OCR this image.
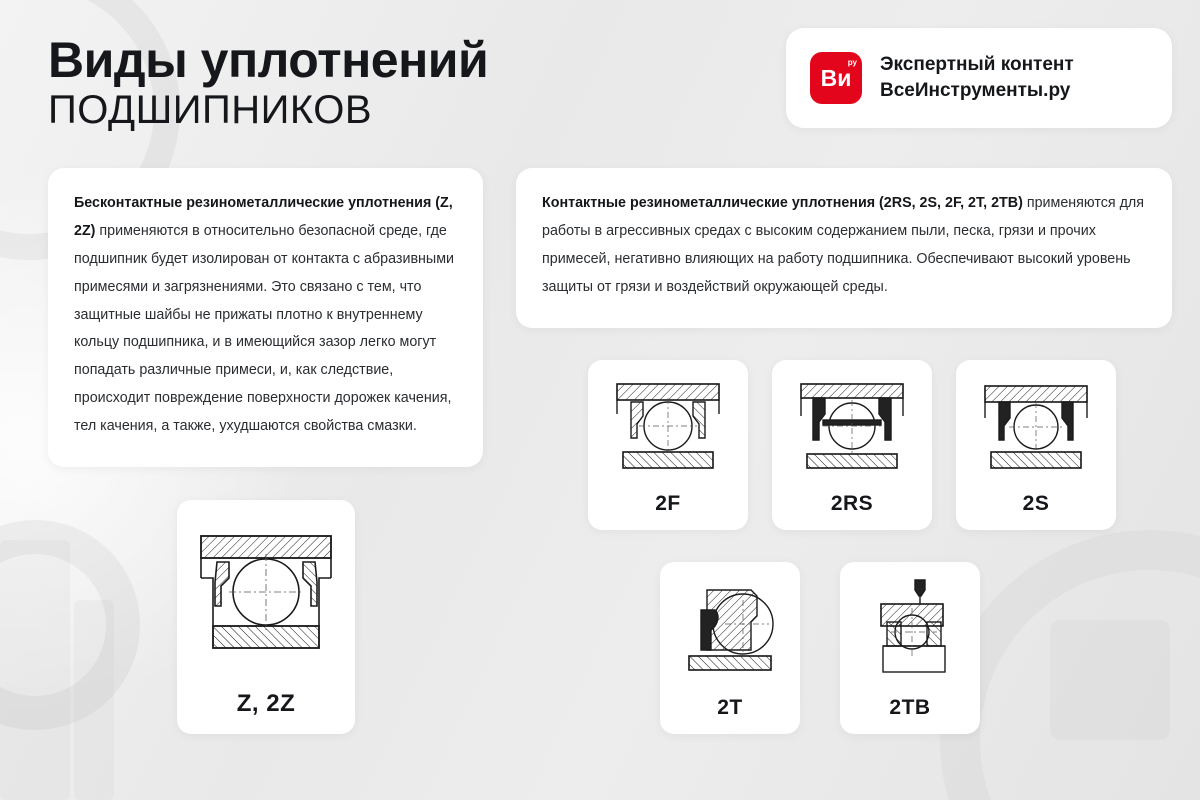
Виды уплотнений
ПОДШИПНИКОВ
Ви
ру Экспертный контент
ВсеИнструменты.ру
Бесконтактные резинометаллические уплотнения (Z, 2Z) применяются в относительно безопасной среде, где подшипник будет изолирован от контакта с абразивными примесями и загрязнениями. Это связано с тем, что защитные шайбы не прижаты плотно к внутреннему кольцу подшипника, и в имеющийся зазор легко могут попадать различные примеси, и, как следствие, происходит повреждение поверхности дорожек качения, тел качения, а также, ухудшаются свойства смазки.
Контактные резинометаллические уплотнения (2RS, 2S, 2F, 2T, 2TB) применяются для работы в агрессивных средах с высоким содержанием пыли, песка, грязи и прочих примесей, негативно влияющих на работу подшипника. Обеспечивают высокий уровень защиты от грязи и воздействий окружающей среды.
Z, 2Z
2F	2RS	2S
2T	2TB
